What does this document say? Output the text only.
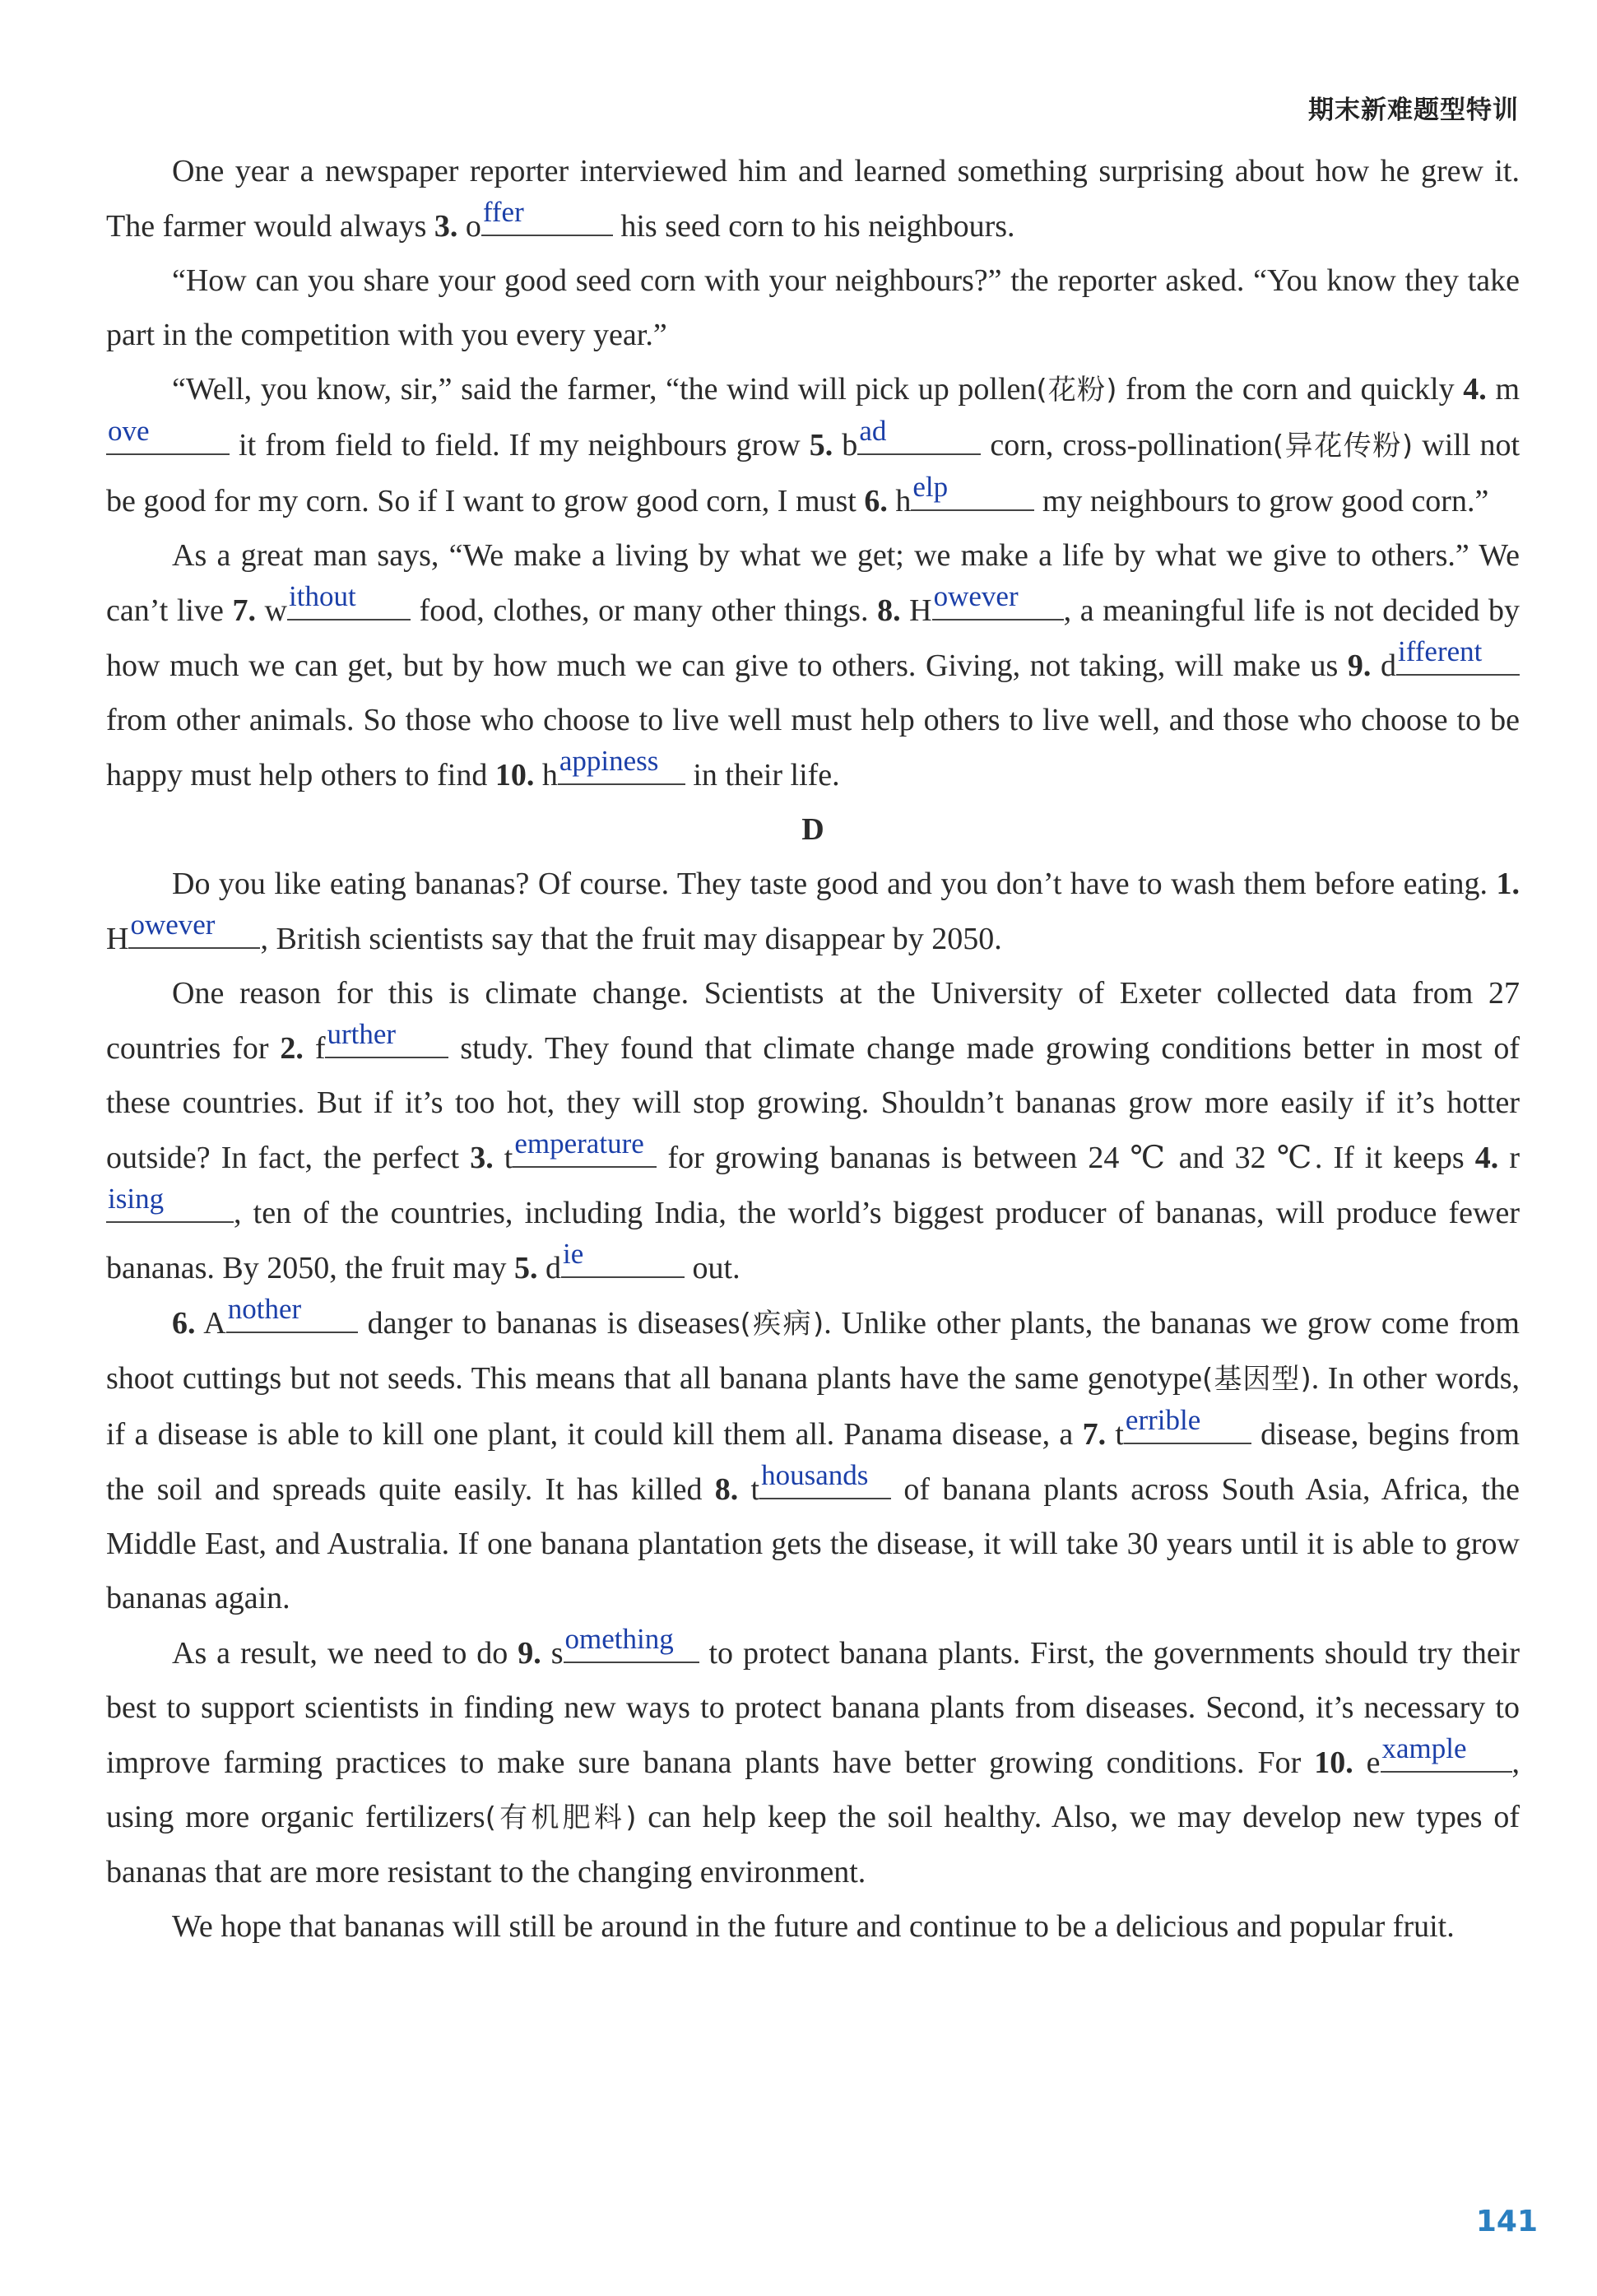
期末新难题型特训

One year a newspaper reporter interviewed him and learned something surprising about how he grew it. The farmer would always 3. o ffer	his seed corn to his neighbours.

“How can you share your good seed corn with your neighbours?” the reporter asked. “You know they take part in the competition with you every year.”

“Well, you know, sir,” said the farmer, “the wind will pick up pollen(花粉) from the corn and quickly 4. m
ove	it from field to field. If my neighbours grow 5. b ad	corn, cross-pollination(异花传粉) will not be good for my corn. So if I want to grow good corn, I must 6. h elp	my neighbours to grow good corn.”

As a great man says, “We make a living by what we get; we make a life by what we give to others.” We can’t live 7. w ithout food, clothes, or many other things. 8. H owever , a meaningful life is not decided by how much we can get, but by how much we can give to others. Giving, not taking, will make us 9. d ifferent
from other animals. So those who choose to live well must help others to live well, and those who choose to be happy must help others to find 10. h appiness in their life.

D

Do you like eating bananas? Of course. They taste good and you don’t have to wash them before eating. 1. H owever , British scientists say that the fruit may disappear by 2050.

One reason for this is climate change. Scientists at the University of Exeter collected data from 27 countries for 2. f urther study. They found that climate change made growing conditions better in most of these countries. But if it’s too hot, they will stop growing. Shouldn’t bananas grow more easily if it’s hotter outside? In fact, the perfect 3. t emperature for growing bananas is between 24 ℃ and 32 ℃. If it keeps 4. r
ising , ten of the countries, including India, the world’s biggest producer of bananas, will produce fewer bananas. By 2050, the fruit may 5. d ie	out.

6. A nother danger to bananas is diseases(疾病). Unlike other plants, the bananas we grow come from shoot cuttings but not seeds. This means that all banana plants have the same genotype(基因型). In other words, if a disease is able to kill one plant, it could kill them all. Panama disease, a 7. t errible disease, begins from the soil and spreads quite easily. It has killed 8. t housands of banana plants across South Asia, Africa, the Middle East, and Australia. If one banana plantation gets the disease, it will take 30 years until it is able to grow bananas again.

As a result, we need to do 9. s omething to protect banana plants. First, the governments should try their best to support scientists in finding new ways to protect banana plants from diseases. Second, it’s necessary to improve farming practices to make sure banana plants have better growing conditions. For 10. e xample , using more organic fertilizers(有机肥料) can help keep the soil healthy. Also, we may develop new types of bananas that are more resistant to the changing environment.

We hope that bananas will still be around in the future and continue to be a delicious and popular fruit.

141
